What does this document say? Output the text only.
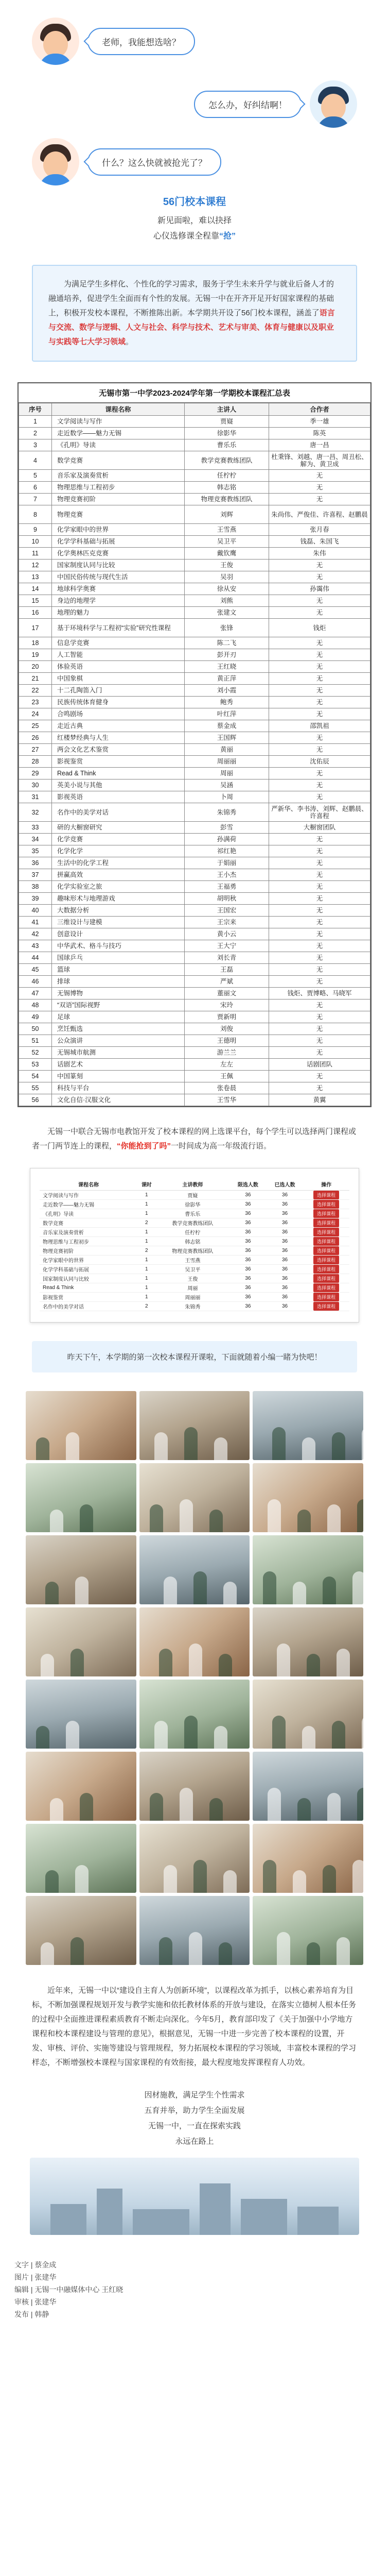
老师，我能想选啥？
怎么办，好纠结啊！
什么？这么快就被抢光了？
56门校本课程

新见面啦，难以抉择

心仪选修课全程靠“抢”

为满足学生多样化、个性化的学习需求，服务于学生未来升学与就业后备人才的融通培养，促进学生全面而有个性的发展。无锡一中在开齐开足开好国家课程的基础上，积极开发校本课程，不断推陈出新。本学期共开设了56门校本课程，涵盖了语言与交流、数学与逻辑、人文与社会、科学与技术、艺术与审美、体育与健康以及职业与实践等七大学习领域。
无锡市第一中学2023-2024学年第一学期校本课程汇总表
序号	课程名称	主讲人	合作者
1	文学阅读与写作	贾嶷	季一雄
2	走近数学——魅力无锡	徐影华	陈英
3	《孔明》导读	曹乐乐	唐一昌
4	数学竞赛	教学竞赛教练团队	杜秉锋、刘越、唐一昌、周丑松、解为、黄卫成
5	音乐家及演奏赏析	任柠柠	无
6	物理思维与工程初步	韩志铭	无
7	物理竞赛初阶	物理竞赛教练团队	无
8	物理竞赛	刘辉	朱尚伟、严俊佳、许喜程、赵鹏晨
9	化学家眼中的世界	王雪燕	张月春
10	化学学科基础与拓展	吴卫平	钱磊、朱国飞
11	化学奥林匹克竞赛	戴钦鹰	朱伟
12	国家制度认同与比较	王俊	无
13	中国民俗传统与现代生活	吴羽	无
14	地球科学奥赛	徐从安	孙霭伟
15	身边的地理学	刘熊	无
16	地理的魅力	张建文	无
17	基于环境科学与工程初“实验”研究性课程	张锋	钱炬
18	信息学竞赛	陈二飞	无
19	人工智能	彭开刃	无
20	体验英语	王红晓	无
21	中国象棋	黄正萍	无
22	十二孔陶笛入门	刘小霞	无
23	民族传统体育健身	鲍秀	无
24	合鸣剧场	叶红萍	无
25	走近古典	蔡金成	邵凯祖
26	红楼梦经典与人生	王国辉	无
27	两会文化艺术鉴赏	黄丽	无
28	影视鉴赏	周丽丽	沈佑辰
29	Read & Think	周丽	无
30	英美小说与其他	吴涵	无
31	影视英语	卜周	无
32	名作中的美学对话	朱锦秀	严新华、李书涛、刘辉、赵鹏晨、许喜程
33	研的大橱窗研究	彭雪	大橱窗团队
34	化学竞赛	孙满荷	无
35	化学化学	祁红艳	无
36	生活中的化学工程	于娟丽	无
37	拼赢高效	王小杰	无
38	化学实验室之旅	王福勇	无
39	趣味形术与地理游戏	胡明秋	无
40	大数据分析	王国宏	无
41	三维设计与建模	王宗来	无
42	创意设计	黄小云	无
43	中华武术、格斗与技巧	王大宁	无
44	国球乒乓	刘长青	无
45	篮球	王磊	无
46	排球	严斌	无
47	无锡博物	董丽文	钱炬、贾博略、马晓军
48	“双语”国际视野	宋玲	无
49	足球	贾新明	无
50	烹饪甄选	刘俊	无
51	公众演讲	王德明	无
52	无锡城市航测	游兰兰	无
53	话剧艺术	左左	话剧团队
54	中国篆刻	王佩	无
55	科技与平台	张卷晨	无
56	文化自信·汉服文化	王雪华	黄翼

无锡一中联合无锡市电教馆开发了校本课程的网上选课平台，每个学生可以选择两门课程或者一门两节连上的课程，“你能抢到了吗”一时间成为高一年级流行语。

课程名称	课时	主讲教师	限选人数	已选人数	操作
文学阅读与写作	1	贾嶷	36	36	选择课程
走近数学——魅力无锡	1	徐影华	36	36	选择课程
《孔明》导读	1	曹乐乐	36	36	选择课程
数学竞赛	2	教学竞赛教练团队	36	36	选择课程
音乐家及演奏赏析	1	任柠柠	36	36	选择课程
物理思维与工程初步	1	韩志铭	36	36	选择课程
物理竞赛初阶	2	物理竞赛教练团队	36	36	选择课程
化学家眼中的世界	1	王雪燕	36	36	选择课程
化学学科基础与拓展	1	吴卫平	36	36	选择课程
国家制度认同与比较	1	王俊	36	36	选择课程
Read & Think	1	周丽	36	36	选择课程
影视鉴赏	1	周丽丽	36	36	选择课程
名作中的美学对话	2	朱锦秀	36	36	选择课程
昨天下午，本学期的第一次校本课程开课啦，下面就随着小编一睹为快吧！

近年来，无锡一中以“建设自主育人为创新环境”，以课程改革为抓手，以核心素养培育为目标，不断加强课程规划开发与教学实施和依托教材体系的开放与建设，在落实立德树人根本任务的过程中全面推进课程素质教育不断走向深化。今年5月，教育部印发了《关于加强中小学地方课程和校本课程建设与管理的意见》，根据意见，无锡一中进一步完善了校本课程的设置，开发、审核、评价、实施等建设与管理规程，努力拓展校本课程的学习领域，丰富校本课程的学习样态，不断增强校本课程与国家课程的有效衔接，最大程度地发挥课程育人功效。

因材施教，满足学生个性需求
五育并举，助力学生全面发展
无锡一中，一直在探索实践
永远在路上
文字 | 蔡金成
图片 | 张建华
编辑 | 无锡一中融媒体中心 王红晓
审核 | 张建华
发布 | 韩静
